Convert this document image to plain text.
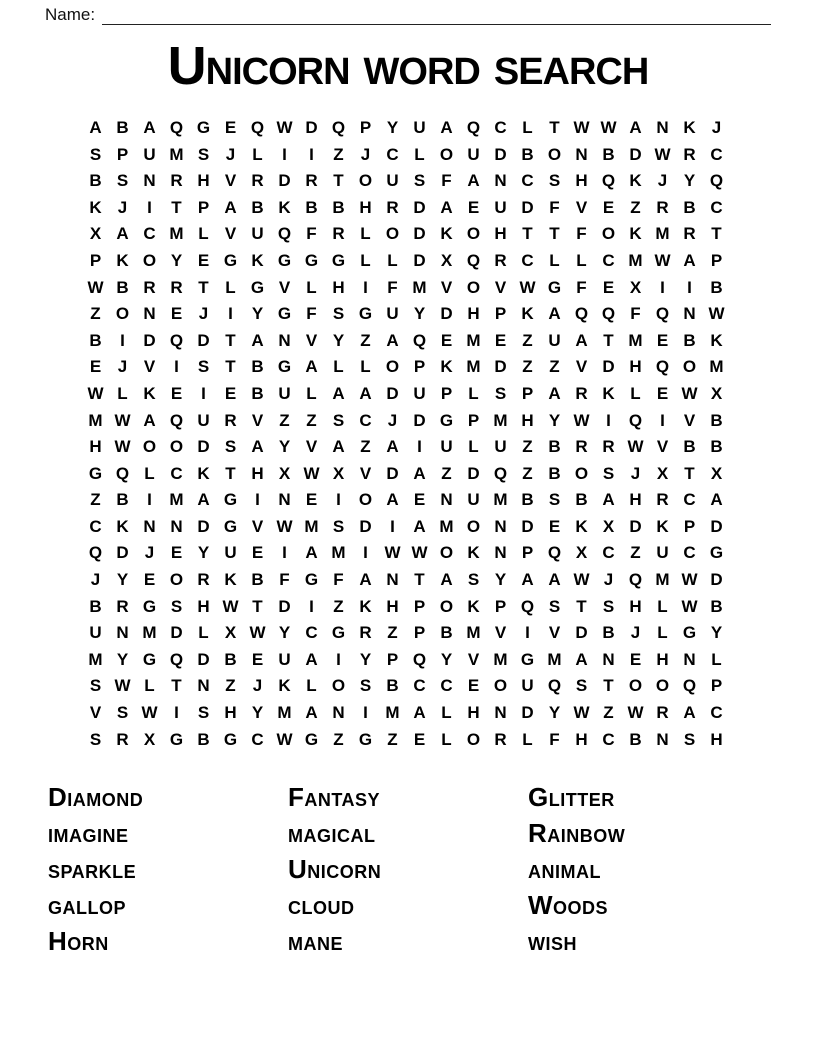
Name:
Unicorn word search
A B A Q G E Q W D Q P Y U A Q C L T W W A N K J
S P U M S J	L	I	I	Z	J C L O U D B O N B D W R C
B S N R H V R D R T O U S F A N C S H Q K J Y Q
K J	I	T P A B K B B H R D A E U D F V E Z R B C
X A C M L V U Q F R L O D K O H T T F O K M R T
P K O Y E G K G G G L L D X Q R C L L C M W A P
W B R R T L G V L H	I	F M V O V W G F E X	I	I	B
Z O N E J	I	Y G F S G U Y D H P K A Q Q F Q N W
B	I	D Q D T A N V Y Z A Q E M E Z U A T M E B K
E J V	I	S T B G A L L O P K M D Z Z V D H Q O M
W L K E	I	E B U L A A D U P L S P A R K L E W X
M W A Q U R V Z Z S C J D G P M H Y W I	Q	I	V B
H W O O D S A Y V A Z A	I	U L U Z B R R W V B B
G Q L C K T H X W X V D A Z D Q Z B O S J X T X
Z B	I	M A G	I	N E	I	O A E N U M B S B A H R C A
C K N N D G V W M S D	I	A M O N D E K X D K P D
Q D J E Y U E	I	A M	I W W O K N P Q X C Z U C G
J Y E O R K B F G F A N T A S Y A A W J Q M W D
B R G S H W T D	I	Z K H P O K P Q S T S H L W B
U N M D L X W Y C G R Z P B M V	I	V D B J	L G Y
M Y G Q D B E U A	I	Y P Q Y V M G M A N E H N L
S W L T N Z	J K L O S B C C E O U Q S T O O Q P
V S W I	S H Y M A N	I	M A L H N D Y W Z W R A C
S R X G B G C W G Z G Z E L O R L F H C B N S H
Diamond	Fantasy	Glitter
imagine	magical	Rainbow
sparkle	Unicorn	animal
gallop	cloud	Woods
Horn	mane	wish
